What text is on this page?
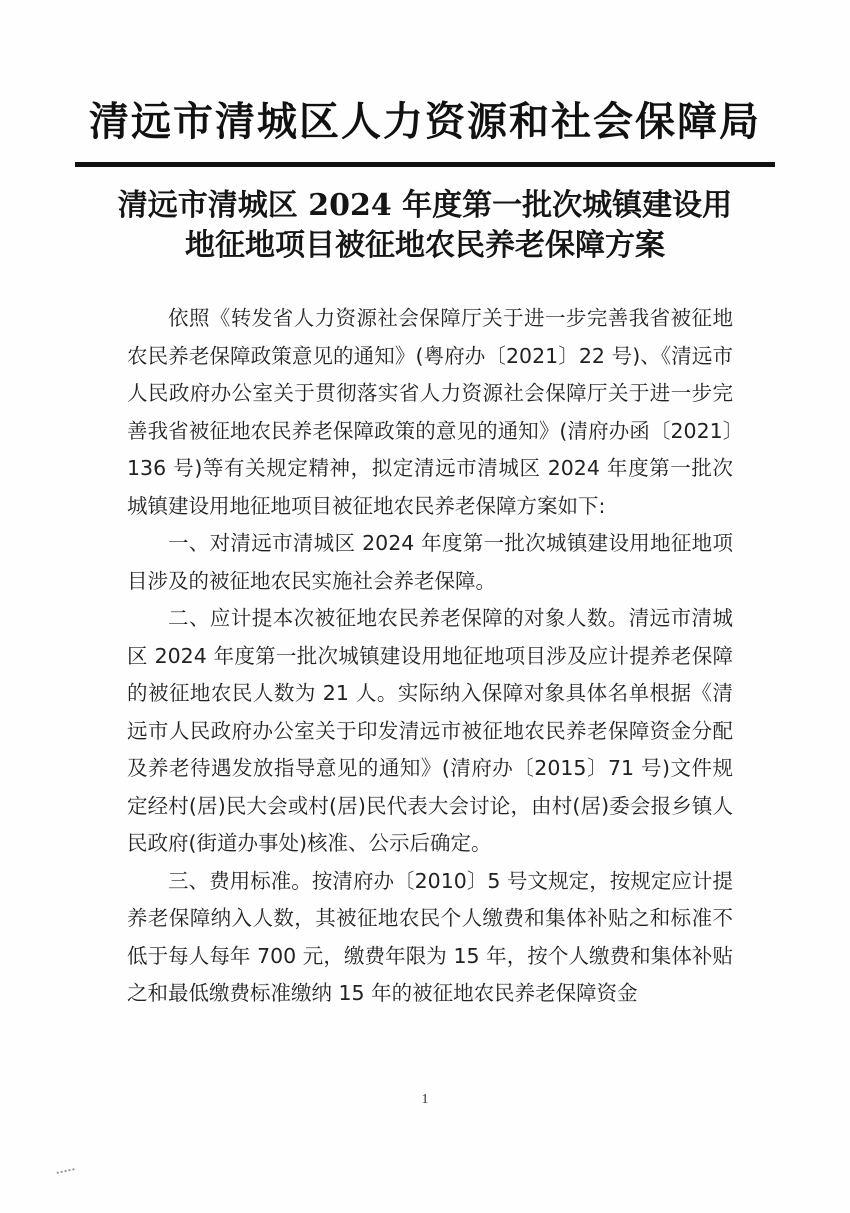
清远市清城区人力资源和社会保障局
清远市清城区 2024 年度第一批次城镇建设用
地征地项目被征地农民养老保障方案

依照《转发省人力资源社会保障厅关于进一步完善我省被征地农民养老保障政策意见的通知》(粤府办〔2021〕22 号)、《清远市人民政府办公室关于贯彻落实省人力资源社会保障厅关于进一步完善我省被征地农民养老保障政策的意见的通知》(清府办函〔2021〕136 号)等有关规定精神，拟定清远市清城区 2024 年度第一批次城镇建设用地征地项目被征地农民养老保障方案如下:

一、对清远市清城区 2024 年度第一批次城镇建设用地征地项目涉及的被征地农民实施社会养老保障。

二、应计提本次被征地农民养老保障的对象人数。清远市清城区 2024 年度第一批次城镇建设用地征地项目涉及应计提养老保障的被征地农民人数为 21 人。实际纳入保障对象具体名单根据《清远市人民政府办公室关于印发清远市被征地农民养老保障资金分配及养老待遇发放指导意见的通知》(清府办〔2015〕71 号)文件规定经村(居)民大会或村(居)民代表大会讨论，由村(居)委会报乡镇人民政府(街道办事处)核准、公示后确定。

三、费用标准。按清府办〔2010〕5 号文规定，按规定应计提养老保障纳入人数，其被征地农民个人缴费和集体补贴之和标准不低于每人每年 700 元，缴费年限为 15 年，按个人缴费和集体补贴之和最低缴费标准缴纳 15 年的被征地农民养老保障资金

1
